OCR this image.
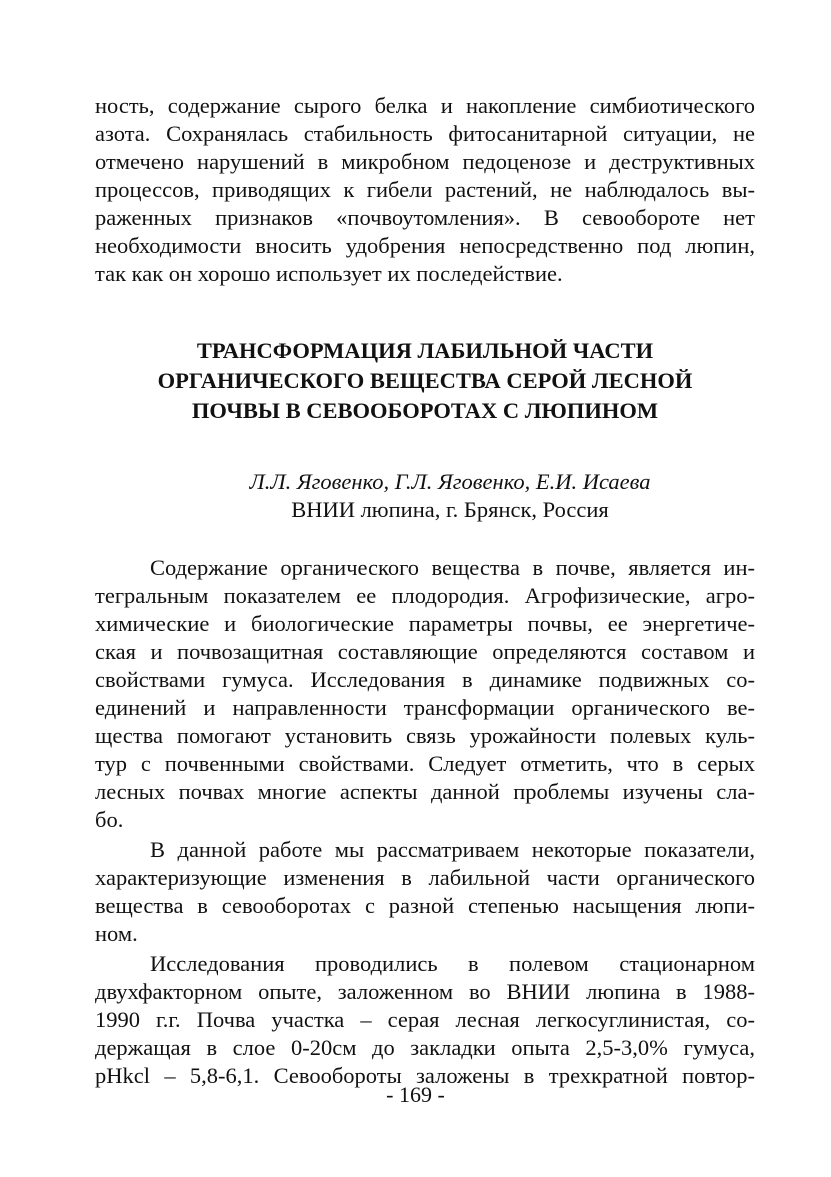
ность, содержание сырого белка и накопление симбиотического
азота. Сохранялась стабильность фитосанитарной ситуации, не
отмечено нарушений в микробном педоценозе и деструктивных
процессов, приводящих к гибели растений, не наблюдалось вы-
раженных признаков «почвоутомления». В севообороте нет
необходимости вносить удобрения непосредственно под люпин,
так как он хорошо использует их последействие.
ТРАНСФОРМАЦИЯ ЛАБИЛЬНОЙ ЧАСТИ
ОРГАНИЧЕСКОГО ВЕЩЕСТВА СЕРОЙ ЛЕСНОЙ
ПОЧВЫ В СЕВООБОРОТАХ С ЛЮПИНОМ
Л.Л. Яговенко, Г.Л. Яговенко, Е.И. Исаева
ВНИИ люпина, г. Брянск, Россия
Содержание органического вещества в почве, является ин-
тегральным показателем ее плодородия. Агрофизические, агро-
химические и биологические параметры почвы, ее энергетиче-
ская и почвозащитная составляющие определяются составом и
свойствами гумуса. Исследования в динамике подвижных со-
единений и направленности трансформации органического ве-
щества помогают установить связь урожайности полевых куль-
тур с почвенными свойствами. Следует отметить, что в серых
лесных почвах многие аспекты данной проблемы изучены сла-
бо.
В данной работе мы рассматриваем некоторые показатели,
характеризующие изменения в лабильной части органического
вещества в севооборотах с разной степенью насыщения люпи-
ном.
Исследования проводились в полевом стационарном
двухфакторном опыте, заложенном во ВНИИ люпина в 1988-
1990 г.г. Почва участка – серая лесная легкосуглинистая, со-
держащая в слое 0-20см до закладки опыта 2,5-3,0% гумуса,
pHkcl – 5,8-6,1. Севообороты заложены в трехкратной повтор-
- 169 -
